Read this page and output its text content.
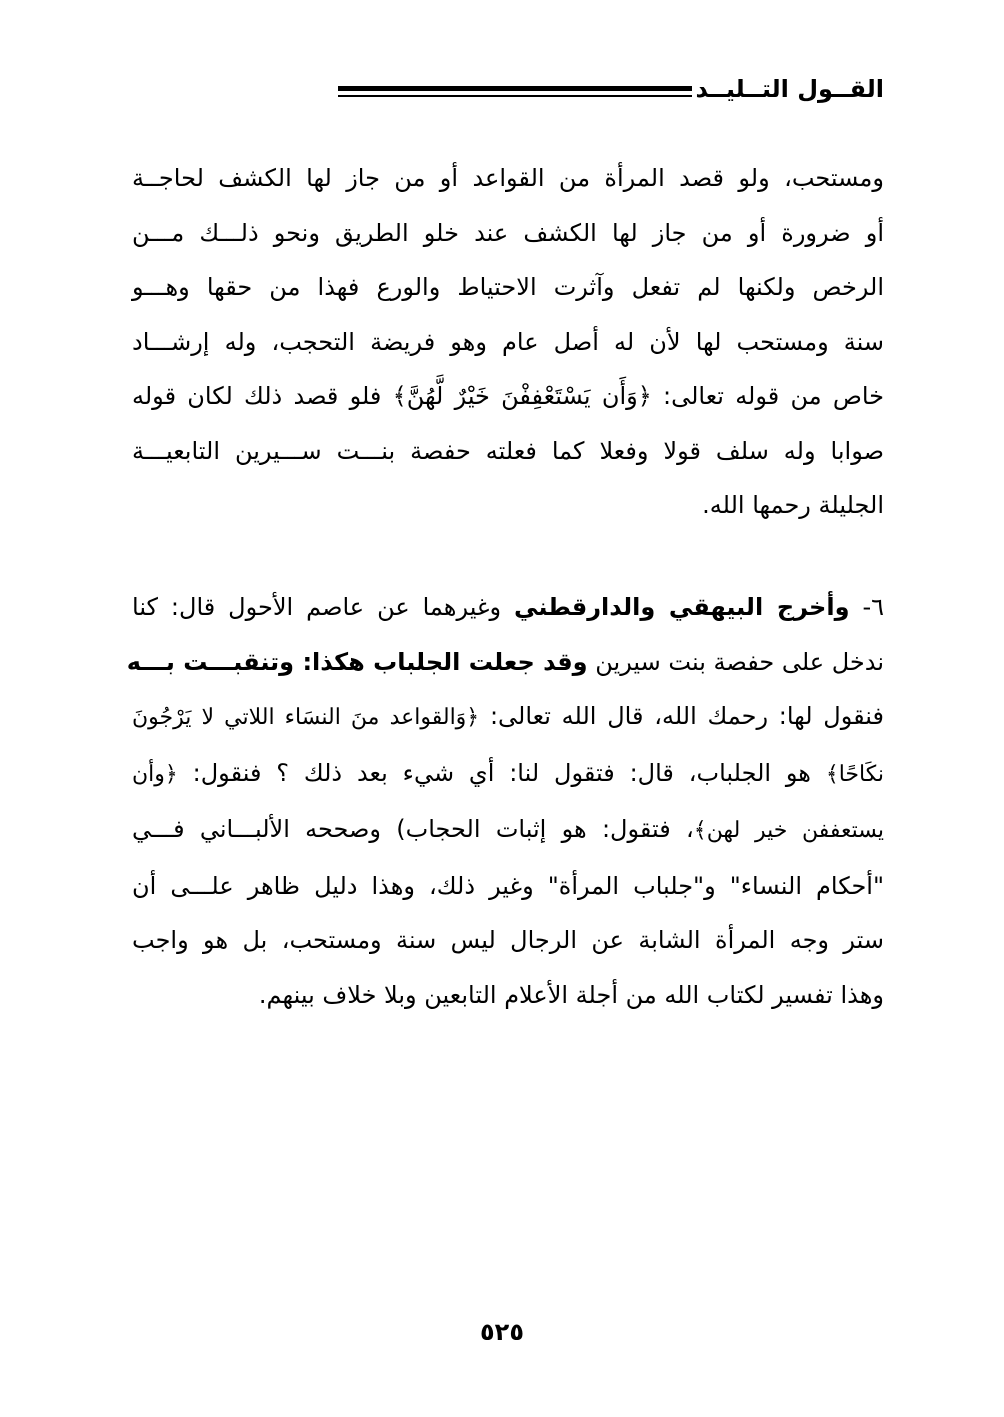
القــول التــليــد
ومستحب، ولو قصد المرأة من القواعد أو من جاز لها الكشف لحاجــة
أو ضرورة أو من جاز لها الكشف عند خلو الطريق ونحو ذلـــك مـــن
الرخص ولكنها لم تفعل وآثرت الاحتياط والورع فهذا من حقها وهـــو
سنة ومستحب لها لأن له أصل عام وهو فريضة التحجب، وله إرشـــاد
خاص من قوله تعالى: ﴿وَأَن يَسْتَعْفِفْنَ خَيْرٌ لَّهُنَّ﴾ فلو قصد ذلك لكان قوله
صوابا وله سلف قولا وفعلا كما فعلته حفصة بنـــت ســـيرين التابعيـــة
الجليلة رحمها الله.
٦- وأخرج البيهقي والدارقطني وغيرهما عن عاصم الأحول قال: كنا
ندخل على حفصة بنت سيرين وقد جعلت الجلباب هكذا: وتنقبـــت بـــه
فنقول لها: رحمك الله، قال الله تعالى: ﴿وَالقواعد منَ النسَاء اللاتي لا يَرْجُونَ
نكَاحًا﴾ هو الجلباب، قال: فتقول لنا: أي شيء بعد ذلك ؟ فنقول: ﴿وأن
يستعففن خير لهن﴾، فتقول: هو إثبات الحجاب) وصححه الألبـــاني فـــي
"أحكام النساء" و"جلباب المرأة" وغير ذلك، وهذا دليل ظاهر علـــى أن
ستر وجه المرأة الشابة عن الرجال ليس سنة ومستحب، بل هو واجب
وهذا تفسير لكتاب الله من أجلة الأعلام التابعين وبلا خلاف بينهم.
٥٢٥
